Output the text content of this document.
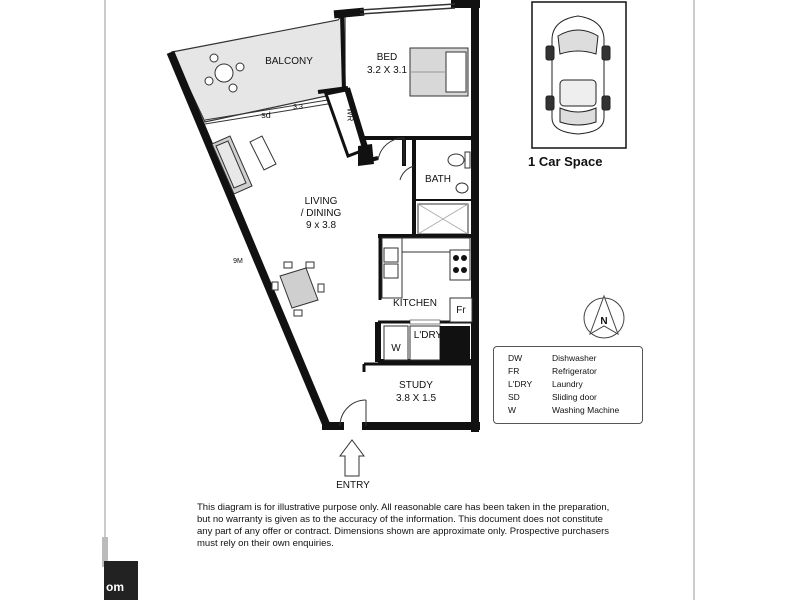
BALCONY	BED
3.2 X 3.1
sd
3.3
WR
BATH
LIVING
/ DINING
9 x 3.8
9M
KITCHEN
Fr
L'DRY
W
STUDY
3.8 X 1.5
ENTRY
N
1 Car Space
DW	Dishwasher
FR	Refrigerator
L'DRY	Laundry
SD	Sliding door
W	Washing Machine
This diagram is for illustrative purpose only. All reasonable care has been taken in the preparation, but no warranty is given as to the accuracy of the information. This document does not constitute any part of any offer or contract. Dimensions shown are approximate only. Prospective purchasers must rely on their own enquiries.
om
